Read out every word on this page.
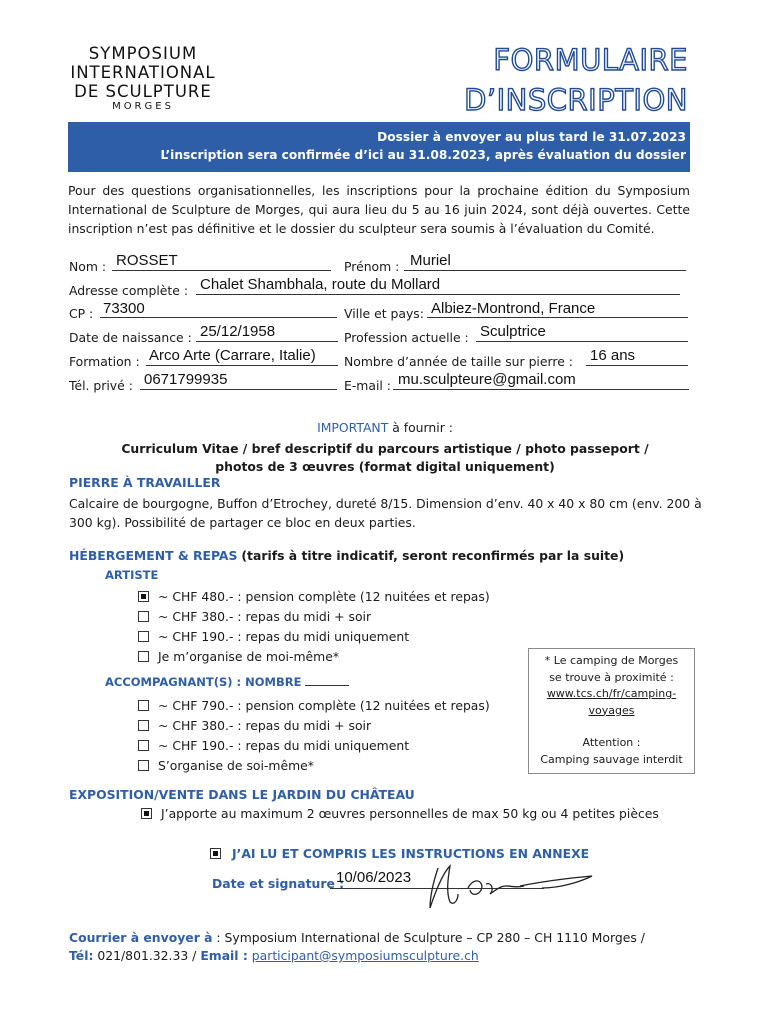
SYMPOSIUM
INTERNATIONAL
DE SCULPTURE
MORGES
FORMULAIRE
D’INSCRIPTION
Dossier à envoyer au plus tard le 31.07.2023
L’inscription sera confirmée d’ici au 31.08.2023, après évaluation du dossier
Pour des questions organisationnelles, les inscriptions pour la prochaine édition du Symposium International de Sculpture de Morges, qui aura lieu du 5 au 16 juin 2024, sont déjà ouvertes. Cette inscription n’est pas définitive et le dossier du sculpteur sera soumis à l’évaluation du Comité.
Nom : ROSSET	Prénom : Muriel
Adresse complète : Chalet Shambhala, route du Mollard
CP : 73300	Ville et pays: Albiez-Montrond, France
Date de naissance : 25/12/1958	Profession actuelle : Sculptrice
Formation : Arco Arte (Carrare, Italie) Nombre d’année de taille sur pierre : 16 ans
Tél. privé : 0671799935	E-mail : mu.sculpteure@gmail.com
IMPORTANT à fournir :
Curriculum Vitae / bref descriptif du parcours artistique / photo passeport /
photos de 3 œuvres (format digital uniquement)
PIERRE À TRAVAILLER
Calcaire de bourgogne, Buffon d’Etrochey, dureté 8/15. Dimension d’env. 40 x 40 x 80 cm (env. 200 à 300 kg). Possibilité de partager ce bloc en deux parties.
HÉBERGEMENT & REPAS (tarifs à titre indicatif, seront reconfirmés par la suite)
ARTISTE
~ CHF 480.- : pension complète (12 nuitées et repas)
~ CHF 380.- : repas du midi + soir
~ CHF 190.- : repas du midi uniquement
Je m’organise de moi-même*
ACCOMPAGNANT(S) : NOMBRE
~ CHF 790.- : pension complète (12 nuitées et repas)
~ CHF 380.- : repas du midi + soir
~ CHF 190.- : repas du midi uniquement
S’organise de soi-même*
* Le camping de Morges
se trouve à proximité :
www.tcs.ch/fr/camping-
voyages
Attention :
Camping sauvage interdit
EXPOSITION/VENTE DANS LE JARDIN DU CHÂTEAU
J’apporte au maximum 2 œuvres personnelles de max 50 kg ou 4 petites pièces
J’AI LU ET COMPRIS LES INSTRUCTIONS EN ANNEXE
Date et signature :
10/06/2023
Courrier à envoyer à : Symposium International de Sculpture – CP 280 – CH 1110 Morges /
Tél: 021/801.32.33 / Email : participant@symposiumsculpture.ch
